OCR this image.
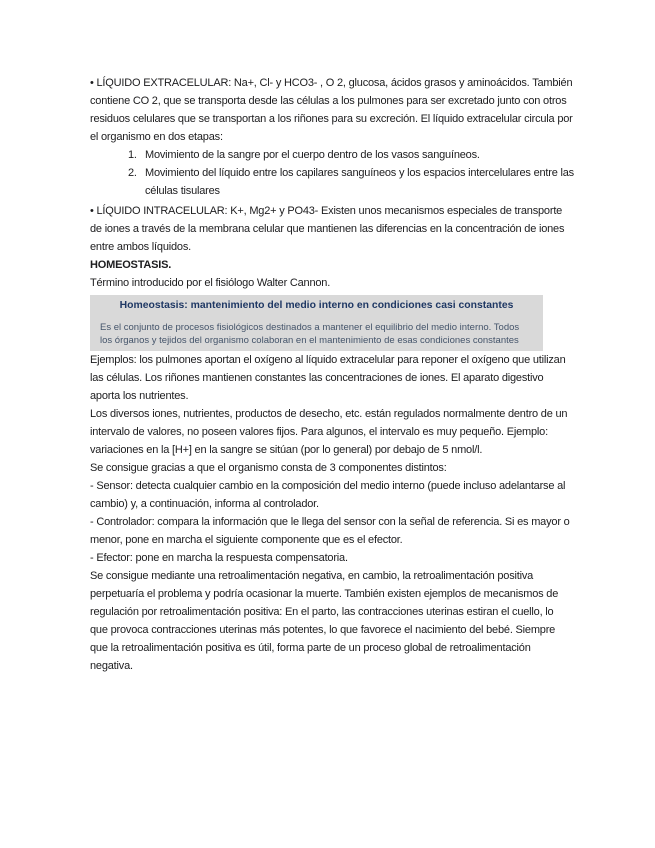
• LÍQUIDO EXTRACELULAR: Na+, Cl- y HCO3- , O 2, glucosa, ácidos grasos y aminoácidos. También contiene CO 2, que se transporta desde las células a los pulmones para ser excretado junto con otros residuos celulares que se transportan a los riñones para su excreción. El líquido extracelular circula por el organismo en dos etapas:

1. Movimiento de la sangre por el cuerpo dentro de los vasos sanguíneos.
2. Movimiento del líquido entre los capilares sanguíneos y los espacios intercelulares entre las células tisulares

• LÍQUIDO INTRACELULAR: K+, Mg2+ y PO43- Existen unos mecanismos especiales de transporte de iones a través de la membrana celular que mantienen las diferencias en la concentración de iones entre ambos líquidos.

HOMEOSTASIS.

Término introducido por el fisiólogo Walter Cannon.

Homeostasis: mantenimiento del medio interno en condiciones casi constantes

Es el conjunto de procesos fisiológicos destinados a mantener el equilibrio del medio interno. Todos los órganos y tejidos del organismo colaboran en el mantenimiento de esas condiciones constantes

Ejemplos: los pulmones aportan el oxígeno al líquido extracelular para reponer el oxígeno que utilizan las células. Los riñones mantienen constantes las concentraciones de iones. El aparato digestivo aporta los nutrientes.

Los diversos iones, nutrientes, productos de desecho, etc. están regulados normalmente dentro de un intervalo de valores, no poseen valores fijos. Para algunos, el intervalo es muy pequeño. Ejemplo: variaciones en la [H+] en la sangre se sitúan (por lo general) por debajo de 5 nmol/l.

Se consigue gracias a que el organismo consta de 3 componentes distintos:

- Sensor: detecta cualquier cambio en la composición del medio interno (puede incluso adelantarse al cambio) y, a continuación, informa al controlador.

- Controlador: compara la información que le llega del sensor con la señal de referencia. Si es mayor o menor, pone en marcha el siguiente componente que es el efector.

- Efector: pone en marcha la respuesta compensatoria.

Se consigue mediante una retroalimentación negativa, en cambio, la retroalimentación positiva perpetuaría el problema y podría ocasionar la muerte. También existen ejemplos de mecanismos de regulación por retroalimentación positiva: En el parto, las contracciones uterinas estiran el cuello, lo que provoca contracciones uterinas más potentes, lo que favorece el nacimiento del bebé. Siempre que la retroalimentación positiva es útil, forma parte de un proceso global de retroalimentación negativa.
